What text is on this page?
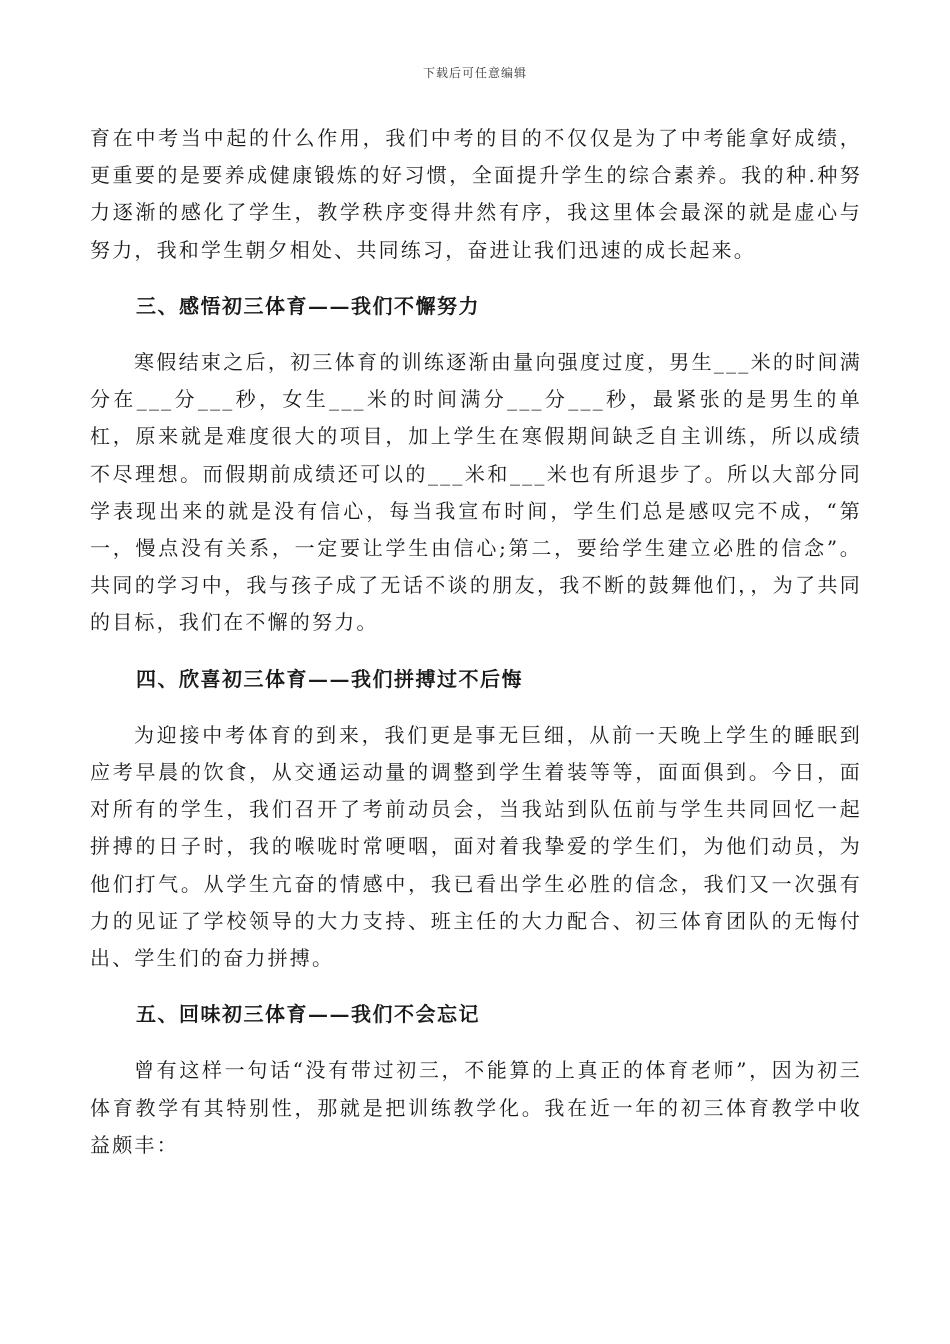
下载后可任意编辑

育在中考当中起的什么作用，我们中考的目的不仅仅是为了中考能拿好成绩，更重要的是要养成健康锻炼的好习惯，全面提升学生的综合素养。我的种.种努力逐渐的感化了学生，教学秩序变得井然有序，我这里体会最深的就是虚心与努力，我和学生朝夕相处、共同练习，奋进让我们迅速的成长起来。

三、感悟初三体育——我们不懈努力

寒假结束之后，初三体育的训练逐渐由量向强度过度，男生___米的时间满分在___分___秒，女生___米的时间满分___分___秒，最紧张的是男生的单杠，原来就是难度很大的项目，加上学生在寒假期间缺乏自主训练，所以成绩不尽理想。而假期前成绩还可以的___米和___米也有所退步了。所以大部分同学表现出来的就是没有信心，每当我宣布时间，学生们总是感叹完不成，“第一，慢点没有关系，一定要让学生由信心;第二，要给学生建立必胜的信念”。共同的学习中，我与孩子成了无话不谈的朋友，我不断的鼓舞他们，，为了共同的目标，我们在不懈的努力。

四、欣喜初三体育——我们拼搏过不后悔

为迎接中考体育的到来，我们更是事无巨细，从前一天晚上学生的睡眠到应考早晨的饮食，从交通运动量的调整到学生着装等等，面面俱到。今日，面对所有的学生，我们召开了考前动员会，当我站到队伍前与学生共同回忆一起拼搏的日子时，我的喉咙时常哽咽，面对着我挚爱的学生们，为他们动员，为他们打气。从学生亢奋的情感中，我已看出学生必胜的信念，我们又一次强有力的见证了学校领导的大力支持、班主任的大力配合、初三体育团队的无悔付出、学生们的奋力拼搏。

五、回味初三体育——我们不会忘记

曾有这样一句话“没有带过初三，不能算的上真正的体育老师”，因为初三体育教学有其特别性，那就是把训练教学化。我在近一年的初三体育教学中收益颇丰：
